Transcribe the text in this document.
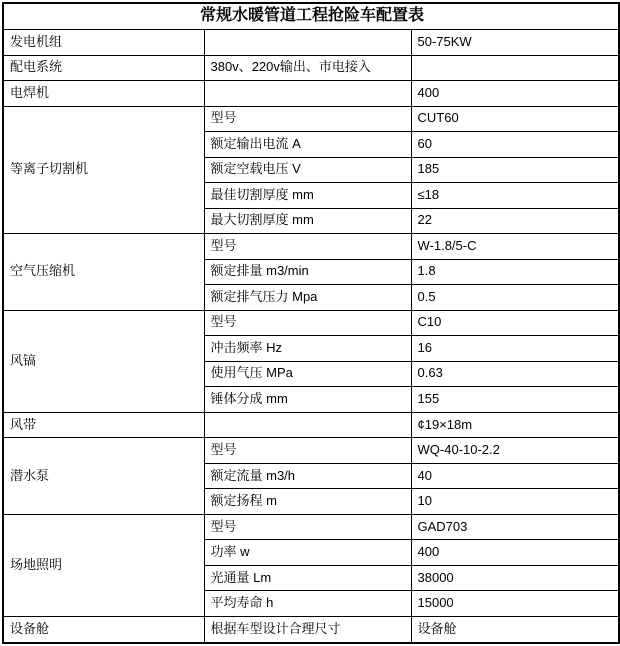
常规水暖管道工程抢险车配置表		
发电机组		50-75KW
配电系统	380v、220v输出、市电接入	
电焊机		400
等离子切割机	型号	CUT60
	额定输出电流 A	60
	额定空载电压 V	185
	最佳切割厚度 mm	≤18
	最大切割厚度 mm	22
空气压缩机	型号	W-1.8/5-C
	额定排量 m3/min	1.8
	额定排气压力 Mpa	0.5
风镐	型号	C10
	冲击频率 Hz	16
	使用气压 MPa	0.63
	锤体分成 mm	155
风带		¢19×18m
潜水泵	型号	WQ-40-10-2.2
	额定流量 m3/h	40
	额定扬程 m	10
场地照明	型号	GAD703
	功率 w	400
	光通量 Lm	38000
	平均寿命 h	15000
设备舱	根据车型设计合理尺寸	设备舱
